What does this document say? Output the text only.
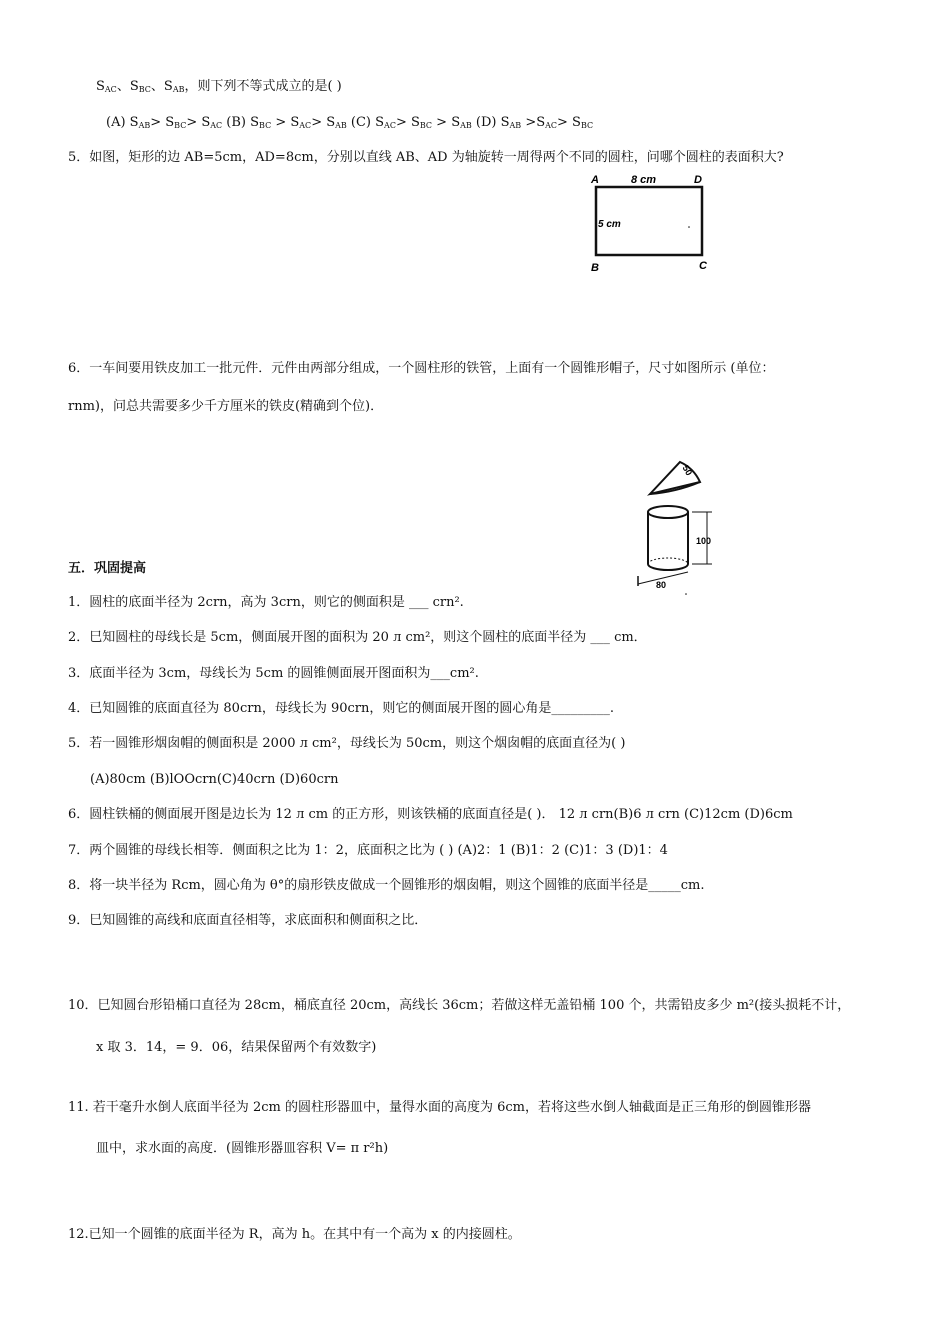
$S_{AC}$、$S_{BC}$、$S_{AB}$，则下列不等式成立的是( )
(A) $S_{AB}> S_{BC}> S_{AC}$ (B) $S_{BC} > S_{AC}> S_{AB}$ (C) $S_{AC}> S_{BC} > S_{AB}$ (D) $S_{AB} >S_{AC}> S_{BC}$
5．如图，矩形的边 AB=5cm，AD=8cm，分别以直线 AB、AD 为轴旋转一周得两个不同的圆柱，问哪个圆柱的表面积大?
A	8 cm	D
5 cm
B	C
6．一车间要用铁皮加工一批元件．元件由两部分组成，一个圆柱形的铁管，上面有一个圆锥形帽子，尺寸如图所示 (单位：
rnm)，问总共需要多少千方厘米的铁皮(精确到个位)．
50
100
80
五．巩固提高
1．圆柱的底面半径为 2crn，高为 3crn，则它的侧面积是 ___ crn².
2．巳知圆柱的母线长是 5cm，侧面展开图的面积为 20 л cm²，则这个圆柱的底面半径为 ___ cm．
3．底面半径为 3cm，母线长为 5cm 的圆锥侧面展开图面积为___cm².
4．已知圆锥的底面直径为 80crn，母线长为 90crn，则它的侧面展开图的圆心角是_________.
5．若一圆锥形烟囱帽的侧面积是 2000 л cm²，母线长为 50cm，则这个烟囱帽的底面直径为( )
(A)80cm (B)lOOcrn(C)40crn (D)60crn
6．圆柱铁桶的侧面展开图是边长为 12 л cm 的正方形，则该铁桶的底面直径是( )． 12 л crn(B)6 л crn (C)12cm (D)6cm
7．两个圆锥的母线长相等．侧面积之比为 1：2，底面积之比为 ( ) (A)2：1 (B)1：2 (C)1：3 (D)1：4
8．将一块半径为 Rcm，圆心角为 θ°的扇形铁皮做成一个圆锥形的烟囱帽，则这个圆锥的底面半径是_____cm.
9．巳知圆锥的高线和底面直径相等，求底面积和侧面积之比．
10．巳知圆台形铅桶口直径为 28cm，桶底直径 20cm，高线长 36cm；若做这样无盖铅桶 100 个，共需铅皮多少 m²(接头损耗不计，
x 取 3．14，= 9．06，结果保留两个有效数字)
11. 若干毫升水倒人底面半径为 2cm 的圆柱形器皿中，量得水面的高度为 6cm，若将这些水倒人轴截面是正三角形的倒圆锥形器
皿中，求水面的高度．(圆锥形器皿容积 V= π r²h)
12.已知一个圆锥的底面半径为 R，高为 h。在其中有一个高为 x 的内接圆柱。
